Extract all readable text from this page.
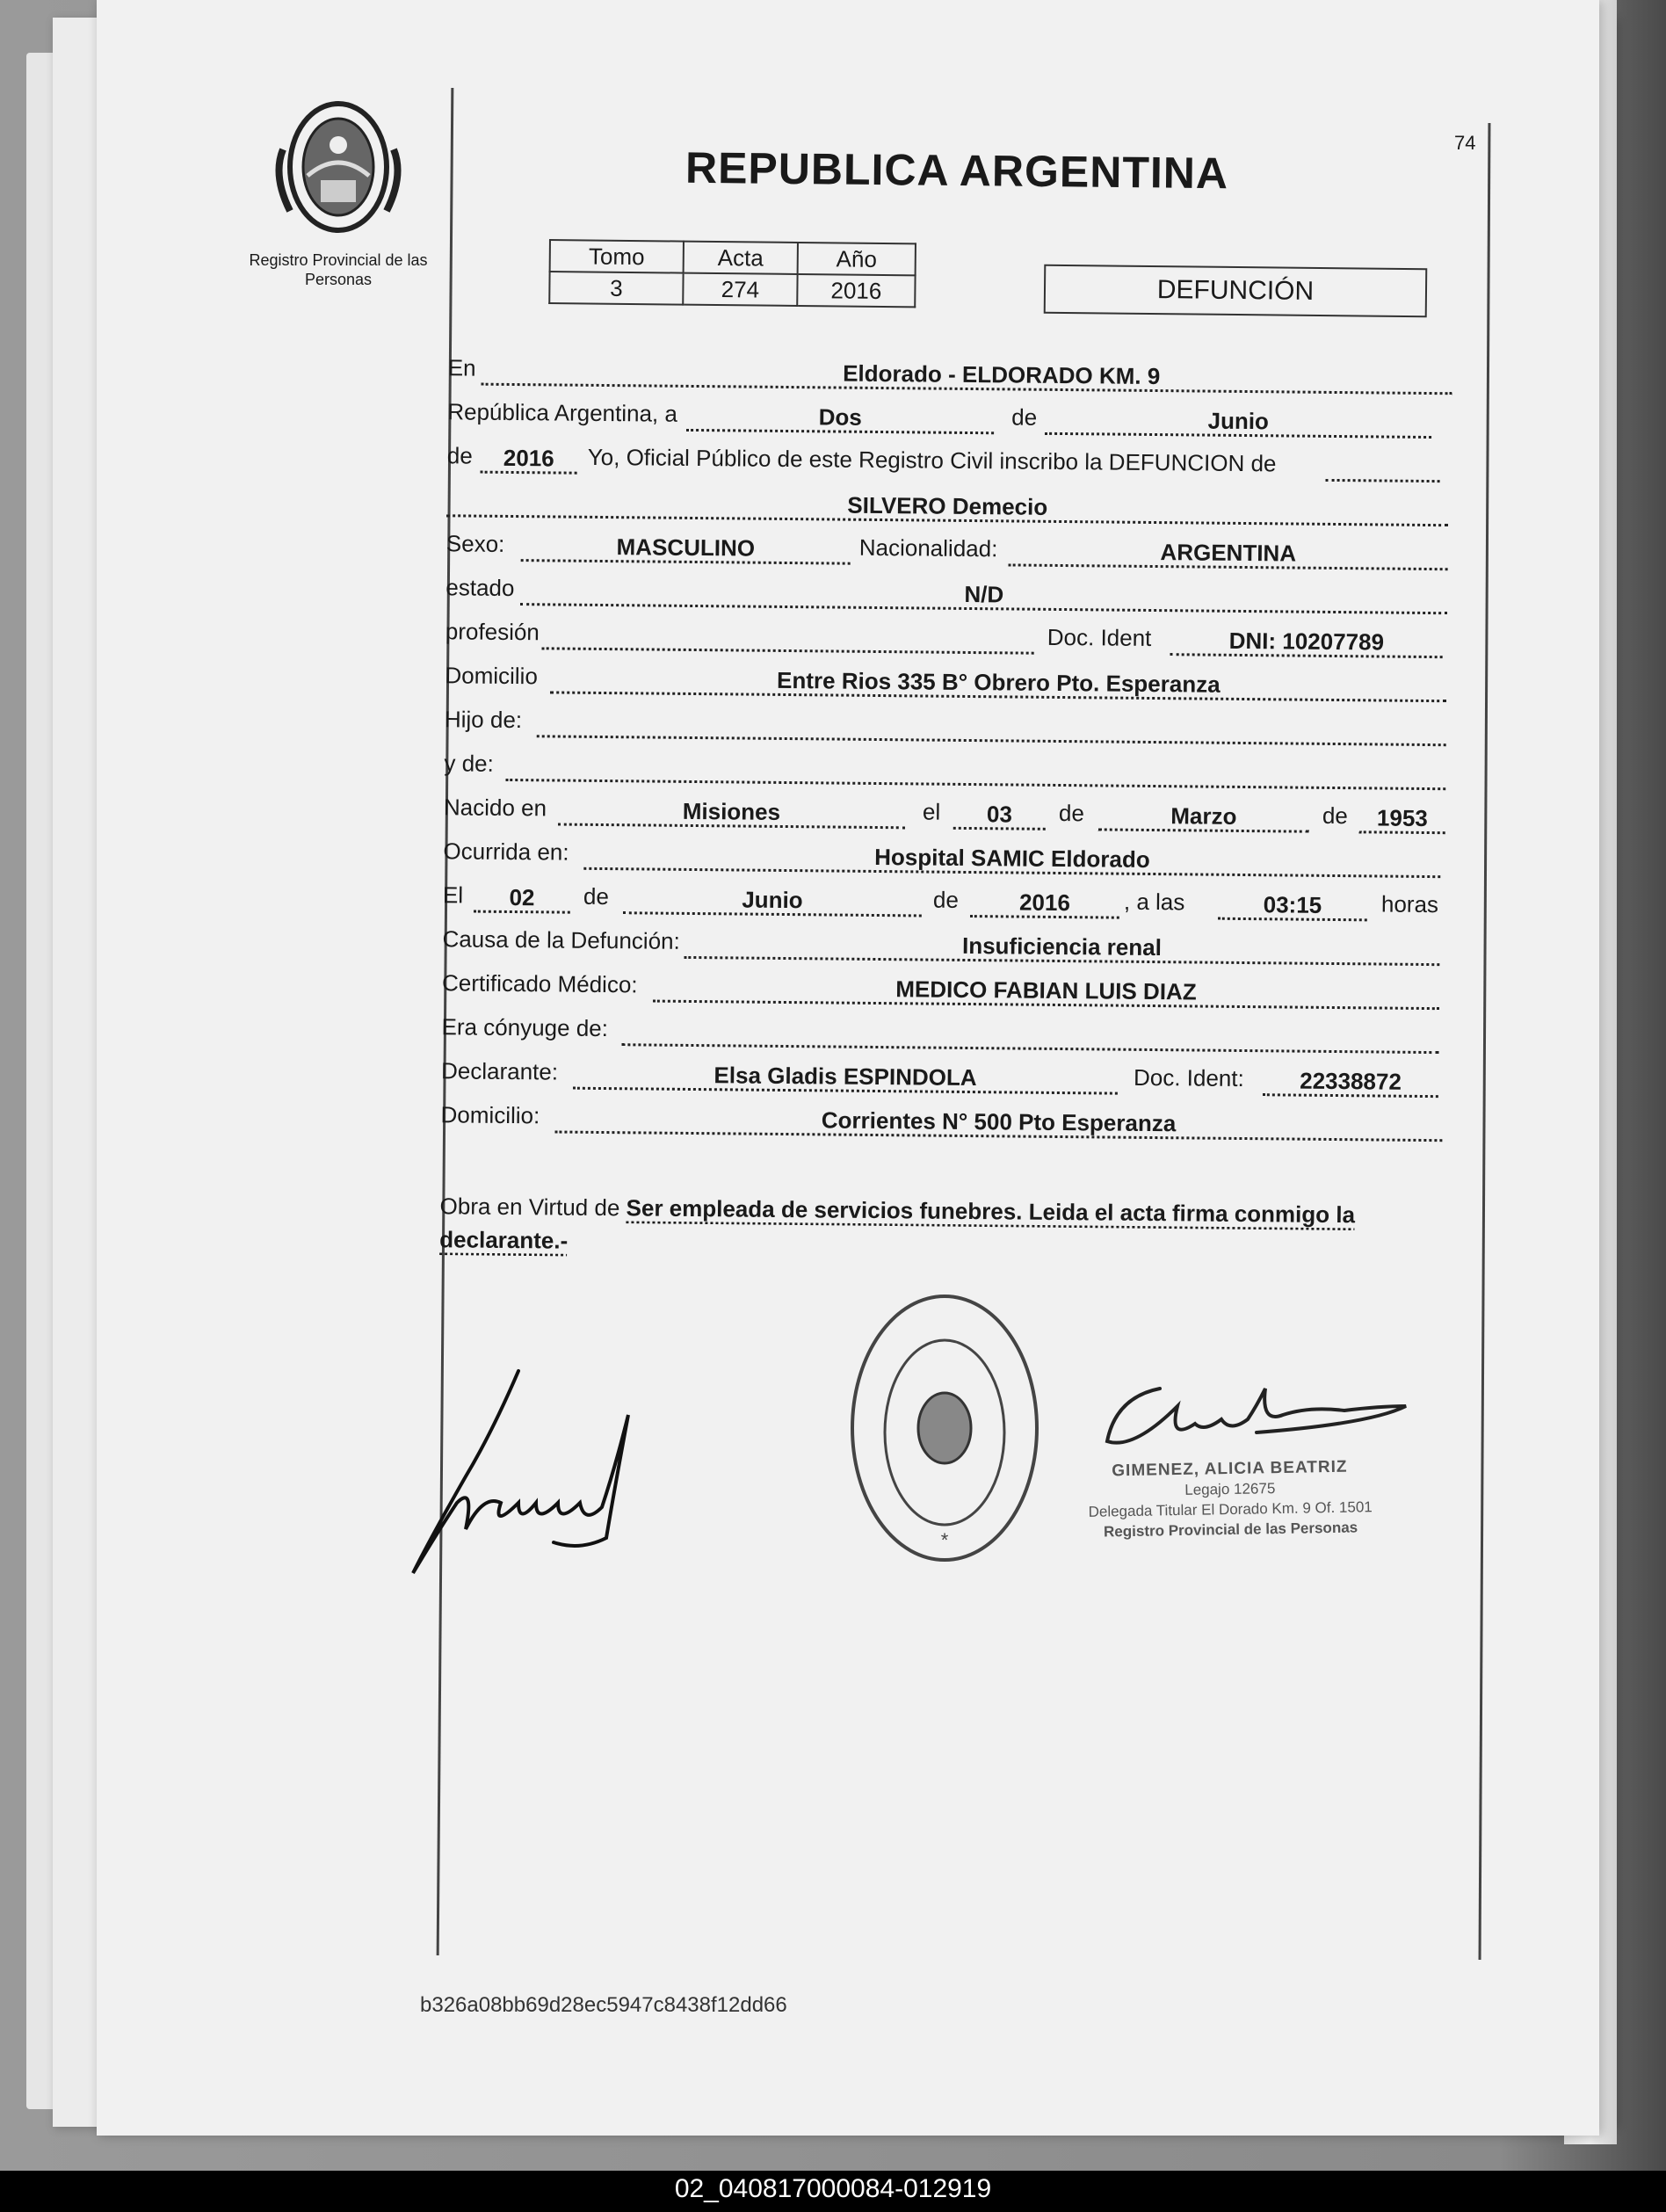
Registro Provincial de las Personas
REPUBLICA ARGENTINA
74
Tomo	Acta	Año
3	274	2016	DEFUNCIÓN
En	Eldorado - ELDORADO KM. 9
República Argentina, a	Dos	de	Junio
de	2016	Yo, Oficial Público de este Registro Civil inscribo la DEFUNCION de
SILVERO Demecio
Sexo:	MASCULINO	Nacionalidad:	ARGENTINA
estado	N/D
profesión	Doc. Ident	DNI: 10207789
Domicilio	Entre Rios 335 B° Obrero Pto. Esperanza
Hijo de:
y de:
Nacido en	Misiones	el	03	de	Marzo	de	1953
Ocurrida en:	Hospital SAMIC Eldorado
El	02	de	Junio	de	2016	, a las	03:15	horas
Causa de la Defunción:	Insuficiencia renal
Certificado Médico:	MEDICO FABIAN LUIS DIAZ
Era cónyuge de:
Declarante:	Elsa Gladis ESPINDOLA	Doc. Ident:	22338872
Domicilio:	Corrientes N° 500 Pto Esperanza
Obra en Virtud de Ser empleada de servicios funebres. Leida el acta firma conmigo la declarante.-
*
GIMENEZ, ALICIA BEATRIZ
Legajo 12675
Delegada Titular El Dorado Km. 9 Of. 1501
Registro Provincial de las Personas
b326a08bb69d28ec5947c8438f12dd66
02_040817000084-012919
